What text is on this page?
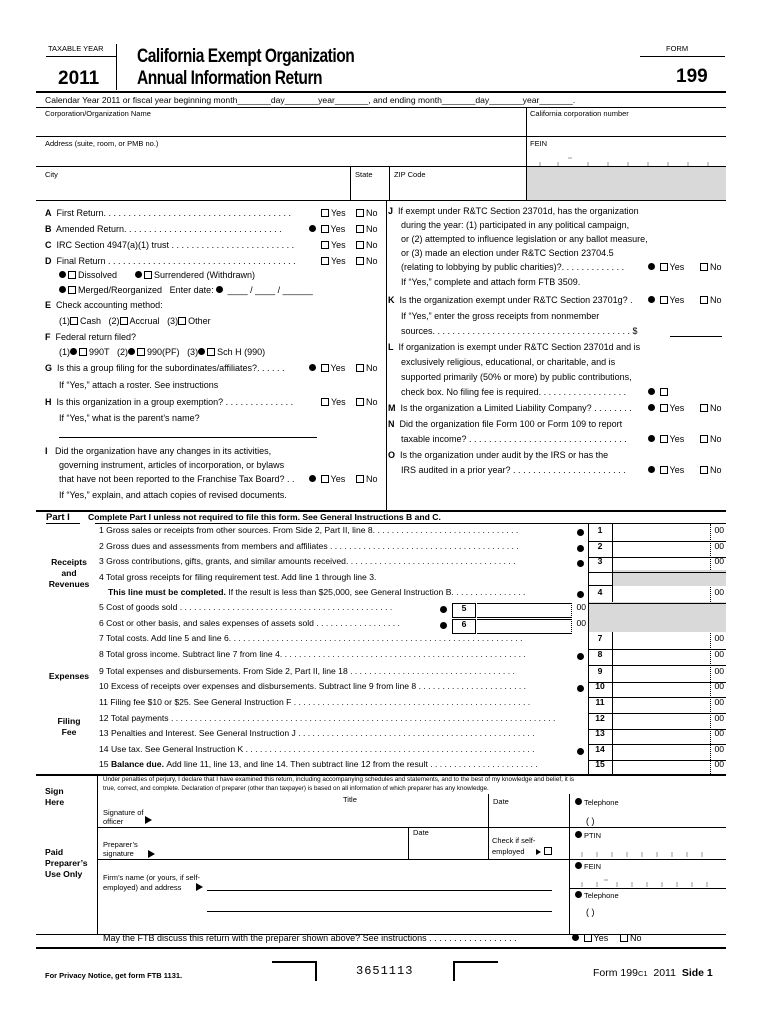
TAXABLE YEAR
2011
California Exempt Organization
Annual Information Return
FORM
199
Calendar Year 2011 or fiscal year beginning month_______day_______year_______, and ending month_______day_______year_______.
Corporation/Organization Name	California corporation number
Address (suite, room, or PMB no.)	FEIN
City	State	ZIP Code
A First Return. . . . . . . . . . . . . . . . . . . . . . . . . . . . . . . . . . . . . .	Yes	No
B Amended Return. . . . . . . . . . . . . . . . . . . . . . . . . . . . . . . .	Yes	No
C IRC Section 4947(a)(1) trust . . . . . . . . . . . . . . . . . . . . . . . . .	Yes	No
D Final Return . . . . . . . . . . . . . . . . . . . . . . . . . . . . . . . . . . . . . .	Yes	No
Dissolved	Surrendered (Withdrawn)
Merged/Reorganized Enter date: ____ / ____ / ______
E Check accounting method:
(1) Cash (2) Accrual (3) Other
F Federal return filed?
(1) 990T (2) 990(PF) (3) Sch H (990)
G Is this a group filing for the subordinates/affiliates?. . . . . .	Yes	No
If “Yes,” attach a roster. See instructions
H Is this organization in a group exemption? . . . . . . . . . . . . . .	Yes	No
If “Yes,” what is the parent’s name?
I Did the organization have any changes in its activities,
governing instrument, articles of incorporation, or bylaws
that have not been reported to the Franchise Tax Board? . .	Yes	No
If “Yes,” explain, and attach copies of revised documents.
J If exempt under R&TC Section 23701d, has the organization
during the year: (1) participated in any political campaign,
or (2) attempted to influence legislation or any ballot measure,
or (3) made an election under R&TC Section 23704.5
(relating to lobbying by public charities)?. . . . . . . . . . . . .	Yes	No
If “Yes,” complete and attach form FTB 3509.
K Is the organization exempt under R&TC Section 23701g? .	Yes	No
If “Yes,” enter the gross receipts from nonmember
sources. . . . . . . . . . . . . . . . . . . . . . . . . . . . . . . . . . . . . . . . $
L If organization is exempt under R&TC Section 23701d and is
exclusively religious, educational, or charitable, and is
supported primarily (50% or more) by public contributions,
check box. No filing fee is required. . . . . . . . . . . . . . . . . .

M Is the organization a Limited Liability Company? . . . . . . . .	Yes	No
N Did the organization file Form 100 or Form 109 to report
taxable income? . . . . . . . . . . . . . . . . . . . . . . . . . . . . . . . .	Yes	No
O Is the organization under audit by the IRS or has the
IRS audited in a prior year? . . . . . . . . . . . . . . . . . . . . . . .	Yes	No
Part I Complete Part I unless not required to file this form. See General Instructions B and C.
Receipts and Revenues
Expenses
Filing Fee
1 Gross sales or receipts from other sources. From Side 2, Part II, line 8. . . . . . . . . . . . . . . . . . . . . . . . . . . . . . .	1	00
2 Gross dues and assessments from members and affiliates . . . . . . . . . . . . . . . . . . . . . . . . . . . . . . . . . . . . . . . .	2	00
3 Gross contributions, gifts, grants, and similar amounts received. . . . . . . . . . . . . . . . . . . . . . . . . . . . . . . . . . . .	3	00
4 Total gross receipts for filing requirement test. Add line 1 through line 3.
This line must be completed. If the result is less than $25,000, see General Instruction B. . . . . . . . . . . . . . . .	4	00
5 Cost of goods sold . . . . . . . . . . . . . . . . . . . . . . . . . . . . . . . . . . . . . . . . . . . . .	5	00
6 Cost or other basis, and sales expenses of assets sold . . . . . . . . . . . . . . . . . .	6	00
7 Total costs. Add line 5 and line 6. . . . . . . . . . . . . . . . . . . . . . . . . . . . . . . . . . . . . . . . . . . . . . . . . . . . . . . . . . . . . .	7	00
8 Total gross income. Subtract line 7 from line 4. . . . . . . . . . . . . . . . . . . . . . . . . . . . . . . . . . . . . . . . . . . . . . . . . . . .	8	00
9 Total expenses and disbursements. From Side 2, Part II, line 18 . . . . . . . . . . . . . . . . . . . . . . . . . . . . . . . . . . .	9	00
10 Excess of receipts over expenses and disbursements. Subtract line 9 from line 8 . . . . . . . . . . . . . . . . . . . . . . .	10	00
11 Filing fee $10 or $25. See General Instruction F . . . . . . . . . . . . . . . . . . . . . . . . . . . . . . . . . . . . . . . . . . . . . . . . . .	11	00
12 Total payments . . . . . . . . . . . . . . . . . . . . . . . . . . . . . . . . . . . . . . . . . . . . . . . . . . . . . . . . . . . . . . . . . . . . . . . . . . . . . . . . .	12	00
13 Penalties and Interest. See General Instruction J . . . . . . . . . . . . . . . . . . . . . . . . . . . . . . . . . . . . . . . . . . . . . . . . . .	13	00
14 Use tax. See General Instruction K . . . . . . . . . . . . . . . . . . . . . . . . . . . . . . . . . . . . . . . . . . . . . . . . . . . . . . . . . . . . .	14	00
15 Balance due. Add line 11, line 13, and line 14. Then subtract line 12 from the result . . . . . . . . . . . . . . . . . . . . . . .	15	00
Sign Here
Under penalties of perjury, I declare that I have examined this return, including accompanying schedules and statements, and to the best of my knowledge and belief, it is
true, correct, and complete. Declaration of preparer (other than taxpayer) is based on all information of which preparer has any knowledge.
Title	Date	Telephone
Signature of officer	( )
Paid Preparer’s Use Only
Date	PTIN
Preparer’s signature
Check if self-employed

FEIN
Firm’s name (or yours, if self-employed) and address
Telephone
( )
May the FTB discuss this return with the preparer shown above? See instructions . . . . . . . . . . . . . . . . . .	Yes	No
For Privacy Notice, get form FTB 1131.	3651113	Form 199C1 2011 Side 1
